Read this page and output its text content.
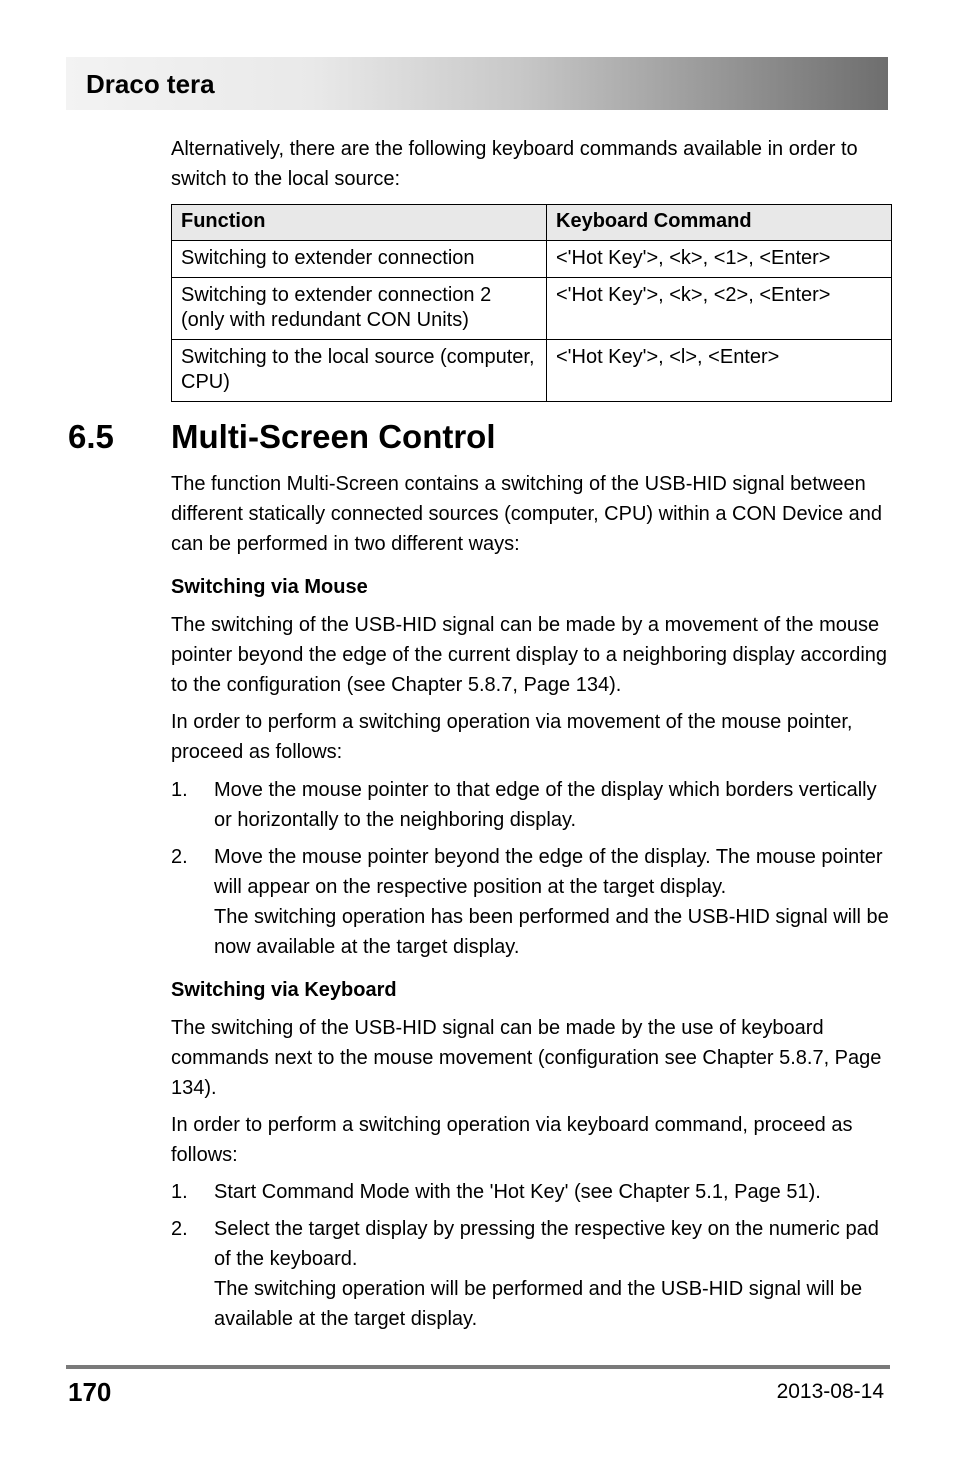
Draco tera

Alternatively, there are the following keyboard commands available in order to switch to the local source:

Function	Keyboard Command
Switching to extender connection	<'Hot Key'>, <k>, <1>, <Enter>
Switching to extender connection 2 (only with redundant CON Units)	<'Hot Key'>, <k>, <2>, <Enter>
Switching to the local source (computer, CPU)	<'Hot Key'>, <l>, <Enter>
6.5 Multi-Screen Control

The function Multi-Screen contains a switching of the USB-HID signal between different statically connected sources (computer, CPU) within a CON Device and can be performed in two different ways:

Switching via Mouse

The switching of the USB-HID signal can be made by a movement of the mouse pointer beyond the edge of the current display to a neighboring display according to the configuration (see Chapter 5.8.7, Page 134).

In order to perform a switching operation via movement of the mouse pointer, proceed as follows:

1. Move the mouse pointer to that edge of the display which borders vertically or horizontally to the neighboring display.
2. Move the mouse pointer beyond the edge of the display. The mouse pointer will appear on the respective position at the target display.
The switching operation has been performed and the USB-HID signal will be now available at the target display.

Switching via Keyboard

The switching of the USB-HID signal can be made by the use of keyboard commands next to the mouse movement (configuration see Chapter 5.8.7, Page 134).

In order to perform a switching operation via keyboard command, proceed as follows:

1. Start Command Mode with the 'Hot Key' (see Chapter 5.1, Page 51).
2. Select the target display by pressing the respective key on the numeric pad of the keyboard.
The switching operation will be performed and the USB-HID signal will be available at the target display.
170	2013-08-14
